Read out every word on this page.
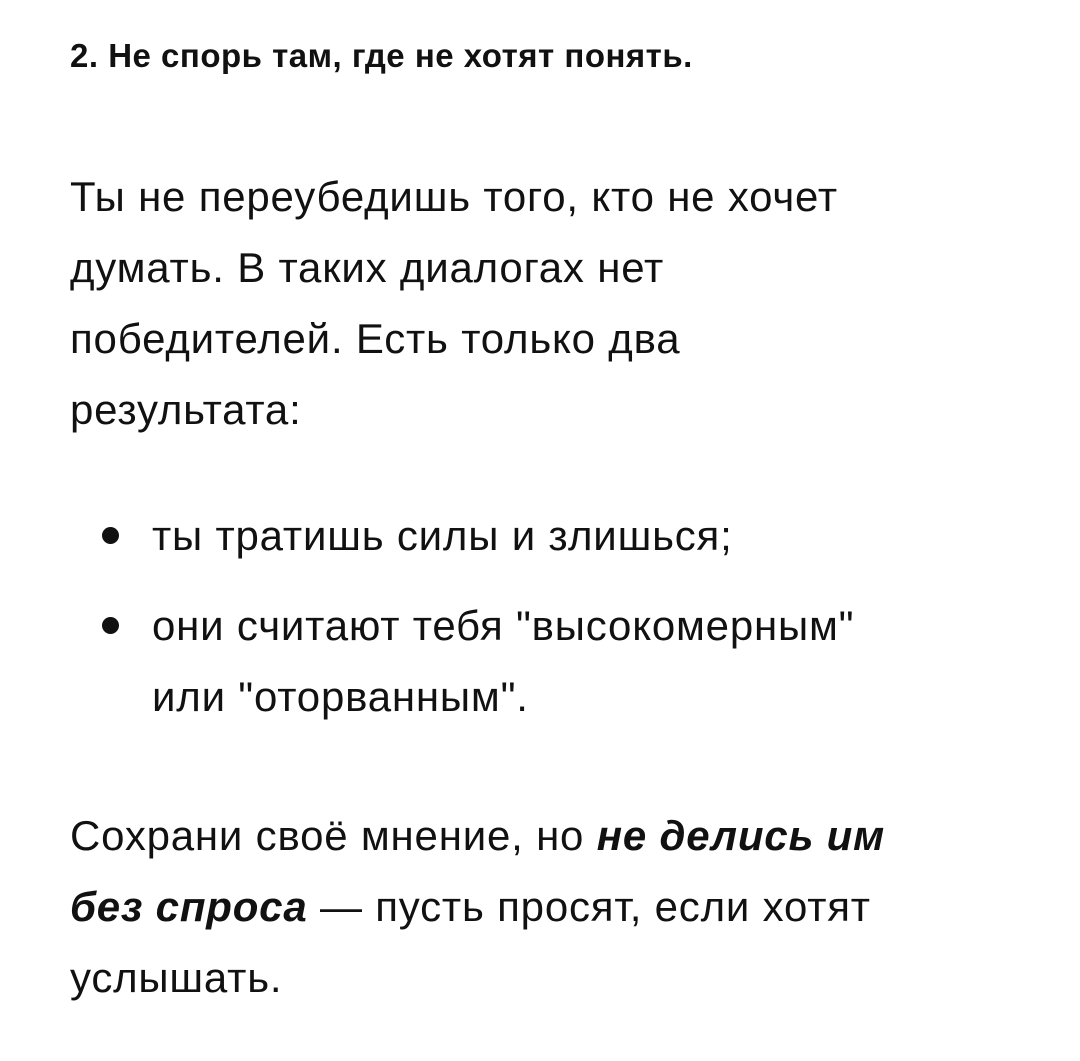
2. Не спорь там, где не хотят понять.

Ты не переубедишь того, кто не хочет
думать. В таких диалогах нет
победителей. Есть только два
результата:

ты тратишь силы и злишься;
они считают тебя "высокомерным"
или "оторванным".

Сохрани своё мнение, но не делись им
без спроса — пусть просят, если хотят
услышать.
